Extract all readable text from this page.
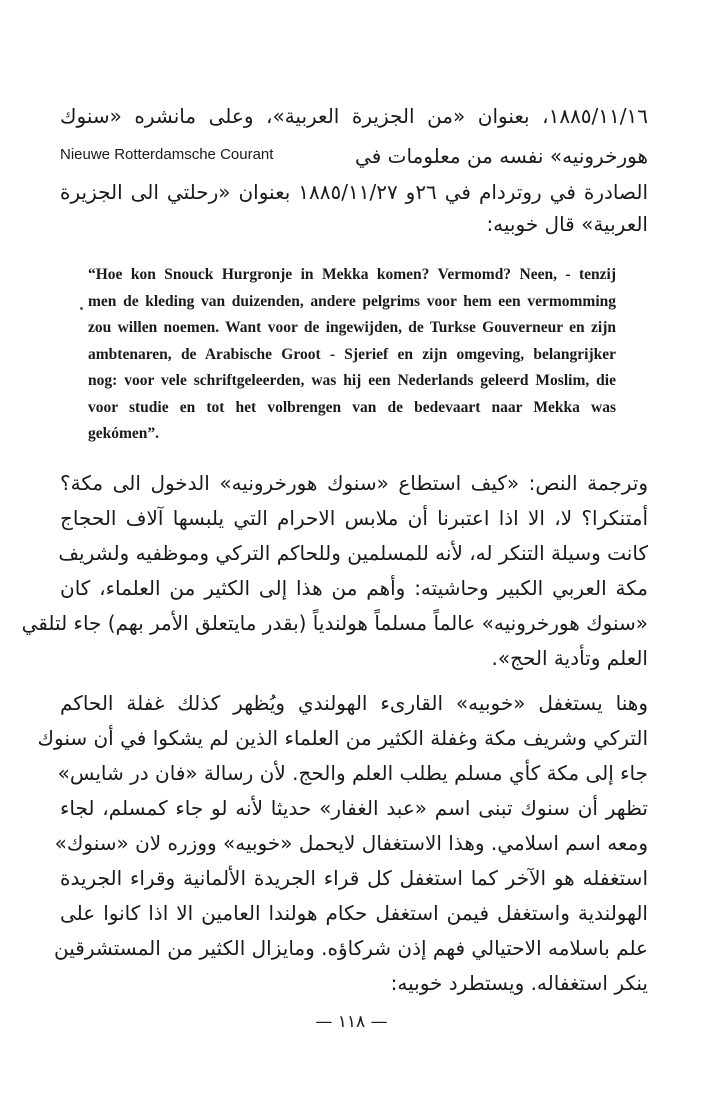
١٨٨٥/١١/١٦، بعنوان «من الجزيرة العربية»، وعلى مانشره «سنوك
Nieuwe Rotterdamsche Courant	هورخرونيه» نفسه من معلومات في
الصادرة في روتردام في ٢٦و ١٨٨٥/١١/٢٧ بعنوان «رحلتي الى الجزيرة
العربية» قال خوبيه:
“Hoe kon Snouck Hurgronje in Mekka komen? Vermomd? Neen, - tenzij
men de kleding van duizenden, andere pelgrims voor hem een vermomming
zou willen noemen. Want voor de ingewijden, de Turkse Gouverneur en zijn
ambtenaren, de Arabische Groot - Sjerief en zijn omgeving, belangrijker
nog: voor vele schriftgeleerden, was hij een Nederlands geleerd Moslim, die
voor studie en tot het volbrengen van de bedevaart naar Mekka was
gekómen”.
وترجمة النص: «كيف استطاع «سنوك هورخرونيه» الدخول الى مكة؟
أمتنكرا؟ لا، الا اذا اعتبرنا أن ملابس الاحرام التي يلبسها آلاف الحجاج
كانت وسيلة التنكر له، لأنه للمسلمين وللحاكم التركي وموظفيه ولشريف
مكة العربي الكبير وحاشيته: وأهم من هذا إلى الكثير من العلماء، كان
«سنوك هورخرونيه» عالماً مسلماً هولندياً (بقدر مايتعلق الأمر بهم) جاء لتلقي
العلم وتأدية الحج».
وهنا يستغفل «خوبيه» القارىء الهولندي ويُظهر كذلك غفلة الحاكم
التركي وشريف مكة وغفلة الكثير من العلماء الذين لم يشكوا في أن سنوك
جاء إلى مكة كأي مسلم يطلب العلم والحج. لأن رسالة «فان در شايس»
تظهر أن سنوك تبنى اسم «عبد الغفار» حديثا لأنه لو جاء كمسلم، لجاء
ومعه اسم اسلامي. وهذا الاستغفال لايحمل «خوبيه» ووزره لان «سنوك»
استغفله هو الآخر كما استغفل كل قراء الجريدة الألمانية وقراء الجريدة
الهولندية واستغفل فيمن استغفل حكام هولندا العامين الا اذا كانوا على
علم باسلامه الاحتيالي فهم إذن شركاؤه. ومايزال الكثير من المستشرقين
ينكر استغفاله. ويستطرد خوبيه:
— ١١٨ —
